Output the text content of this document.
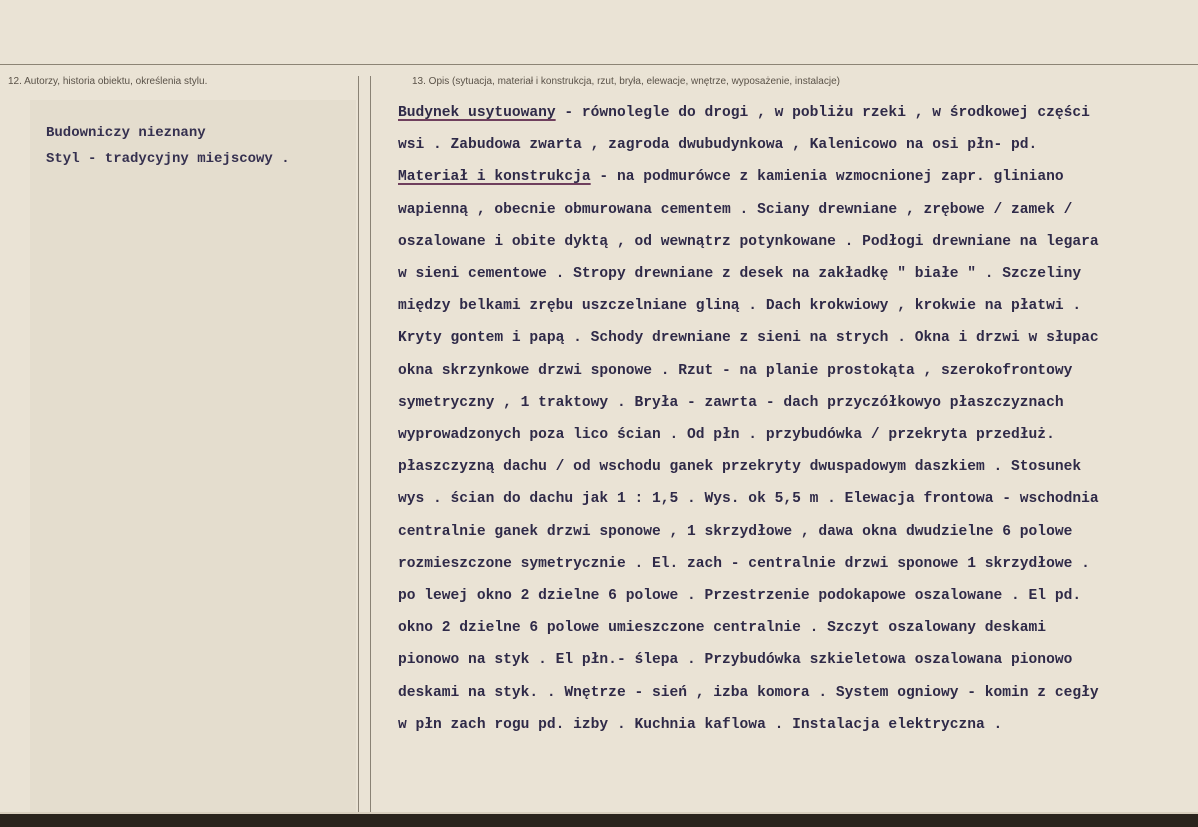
12. Autorzy, historia obiektu, określenia stylu.	13. Opis (sytuacja, materiał i konstrukcja, rzut, bryła, elewacje, wnętrze, wyposażenie, instalacje)

Budowniczy nieznany

Styl - tradycyjny miejscowy .

Budynek usytuowany - równolegle do drogi , w pobliżu rzeki , w środkowej części

wsi . Zabudowa zwarta , zagroda dwubudynkowa , Kalenicowo na osi płn- pd.

Materiał i konstrukcja - na podmurówce z kamienia wzmocnionej zapr. gliniano

wapienną , obecnie obmurowana cementem . Sciany drewniane , zrębowe / zamek /

oszalowane i obite dyktą , od wewnątrz potynkowane . Podłogi drewniane na legara

w sieni cementowe . Stropy drewniane z desek na zakładkę " białe " . Szczeliny

między belkami zrębu uszczelniane gliną . Dach krokwiowy , krokwie na płatwi .

Kryty gontem i papą . Schody drewniane z sieni na strych . Okna i drzwi w słupac

okna skrzynkowe drzwi sponowe . Rzut - na planie prostokąta , szerokofrontowy

symetryczny , 1 traktowy . Bryła - zawrta - dach przyczółkowyo płaszczyznach

wyprowadzonych poza lico ścian . Od płn . przybudówka / przekryta przedłuż.

płaszczyzną dachu / od wschodu ganek przekryty dwuspadowym daszkiem . Stosunek

wys . ścian do dachu jak 1 : 1,5 . Wys. ok 5,5 m . Elewacja frontowa - wschodnia

centralnie ganek drzwi sponowe , 1 skrzydłowe , dawa okna dwudzielne 6 polowe

rozmieszczone symetrycznie . El. zach - centralnie drzwi sponowe 1 skrzydłowe .

po lewej okno 2 dzielne 6 polowe . Przestrzenie podokapowe oszalowane . El pd.

okno 2 dzielne 6 polowe umieszczone centralnie . Szczyt oszalowany deskami

pionowo na styk . El płn.- ślepa . Przybudówka szkieletowa oszalowana pionowo

deskami na styk. . Wnętrze - sień , izba komora . System ogniowy - komin z cegły

w płn zach rogu pd. izby . Kuchnia kaflowa . Instalacja elektryczna .
